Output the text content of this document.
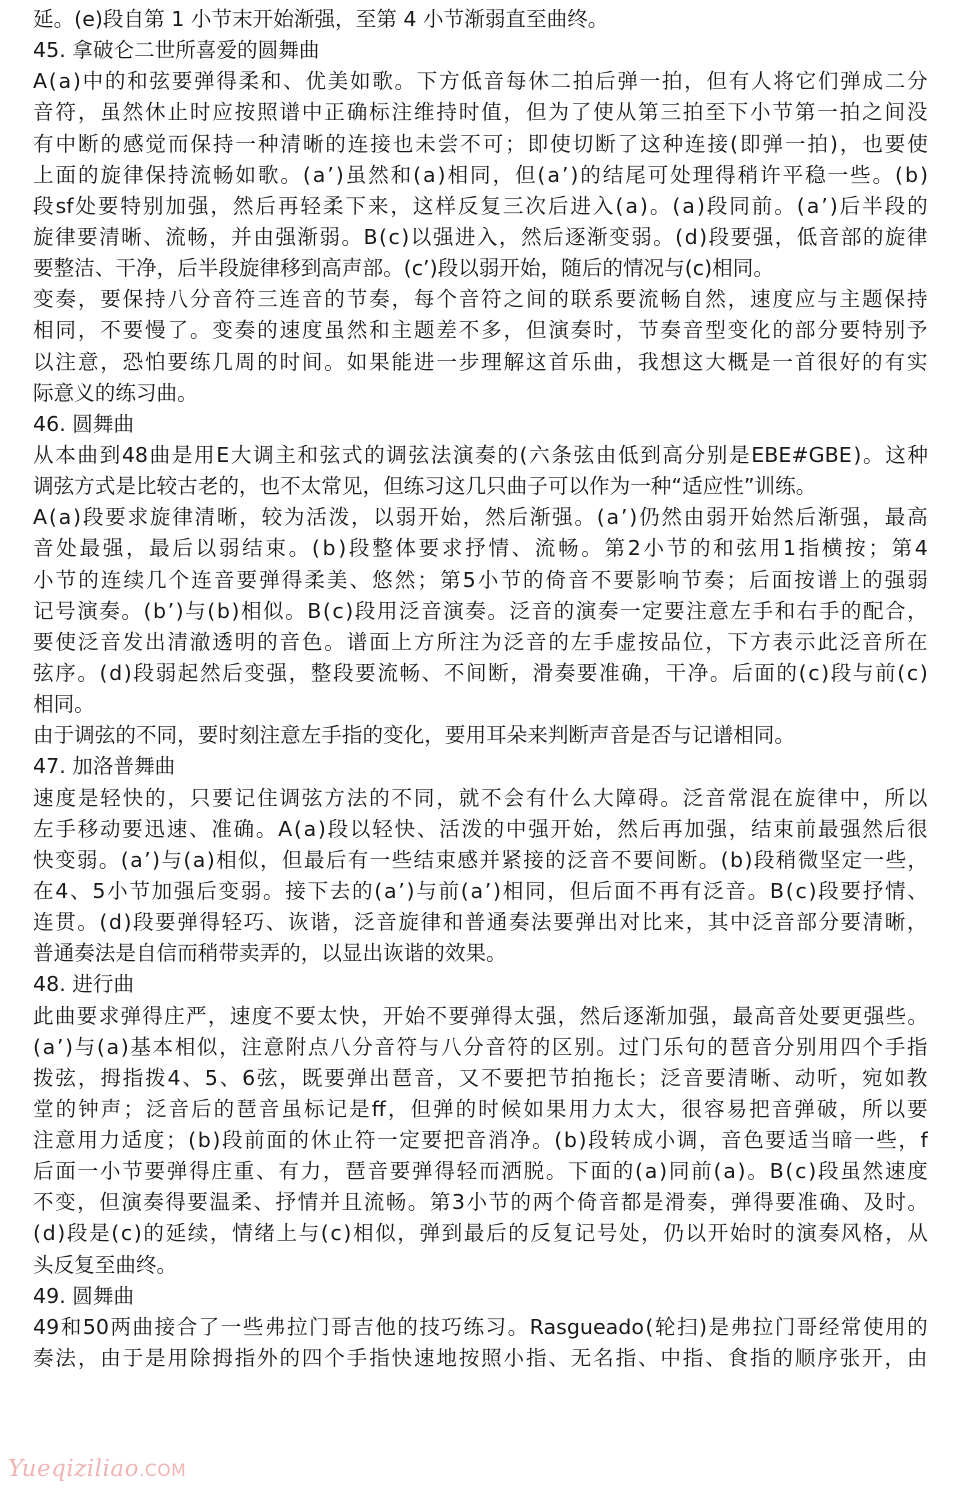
延。(e)段自第 1 小节末开始渐强，至第 4 小节渐弱直至曲终。
45. 拿破仑二世所喜爱的圆舞曲
A ( a ) 中 的 和 弦 要 弹 得 柔 和 、 优 美 如 歌 。 下 方 低 音 每 休 二 拍 后 弹 一 拍 ， 但 有 人 将 它 们 弹 成 二 分
音 符 ， 虽 然 休 止 时 应 按 照 谱 中 正 确 标 注 维 持 时 值 ， 但 为 了 使 从 第 三 拍 至 下 小 节 第 一 拍 之 间 没
有 中 断 的 感 觉 而 保 持 一 种 清 晰 的 连 接 也 未 尝 不 可 ； 即 使 切 断 了 这 种 连 接 ( 即 弹 一 拍 ) ， 也 要 使
上 面 的 旋 律 保 持 流 畅 如 歌 。 ( a ’ ) 虽 然 和 ( a ) 相 同 ， 但 ( a ’ ) 的 结 尾 可 处 理 得 稍 许 平 稳 一 些 。 ( b )
段 sf 处 要 特 别 加 强 ， 然 后 再 轻 柔 下 来 ， 这 样 反 复 三 次 后 进 入 ( a ) 。 ( a ) 段 同 前 。 ( a ’ ) 后 半 段 的
旋 律 要 清 晰 、 流 畅 ， 并 由 强 渐 弱 。 B ( c ) 以 强 进 入 ， 然 后 逐 渐 变 弱 。 ( d ) 段 要 强 ， 低 音 部 的 旋 律
要整洁、干净，后半段旋律移到高声部。(c’)段以弱开始，随后的情况与(c)相同。
变 奏 ， 要 保 持 八 分 音 符 三 连 音 的 节 奏 ， 每 个 音 符 之 间 的 联 系 要 流 畅 自 然 ， 速 度 应 与 主 题 保 持
相 同 ， 不 要 慢 了 。 变 奏 的 速 度 虽 然 和 主 题 差 不 多 ， 但 演 奏 时 ， 节 奏 音 型 变 化 的 部 分 要 特 别 予
以 注 意 ， 恐 怕 要 练 几 周 的 时 间 。 如 果 能 进 一 步 理 解 这 首 乐 曲 ， 我 想 这 大 概 是 一 首 很 好 的 有 实
际意义的练习曲。
46. 圆舞曲
从 本 曲 到 48 曲 是 用 E 大 调 主 和 弦 式 的 调 弦 法 演 奏 的 ( 六 条 弦 由 低 到 高 分 别 是 EBE#GBE ) 。 这 种
调弦方式是比较古老的，也不太常见，但练习这几只曲子可以作为一种“适应性”训练。
A ( a ) 段 要 求 旋 律 清 晰 ， 较 为 活 泼 ， 以 弱 开 始 ， 然 后 渐 强 。 ( a ’ ) 仍 然 由 弱 开 始 然 后 渐 强 ， 最 高
音 处 最 强 ， 最 后 以 弱 结 束 。 ( b ) 段 整 体 要 求 抒 情 、 流 畅 。 第 2 小 节 的 和 弦 用 1 指 横 按 ； 第 4
小 节 的 连 续 几 个 连 音 要 弹 得 柔 美 、 悠 然 ； 第 5 小 节 的 倚 音 不 要 影 响 节 奏 ； 后 面 按 谱 上 的 强 弱
记 号 演 奏 。 ( b ’ ) 与 ( b ) 相 似 。 B ( c ) 段 用 泛 音 演 奏 。 泛 音 的 演 奏 一 定 要 注 意 左 手 和 右 手 的 配 合 ，
要 使 泛 音 发 出 清 澈 透 明 的 音 色 。 谱 面 上 方 所 注 为 泛 音 的 左 手 虚 按 品 位 ， 下 方 表 示 此 泛 音 所 在
弦 序 。 ( d ) 段 弱 起 然 后 变 强 ， 整 段 要 流 畅 、 不 间 断 ， 滑 奏 要 准 确 ， 干 净 。 后 面 的 ( c ) 段 与 前 ( c )
相同。
由于调弦的不同，要时刻注意左手指的变化，要用耳朵来判断声音是否与记谱相同。
47. 加洛普舞曲
速 度 是 轻 快 的 ， 只 要 记 住 调 弦 方 法 的 不 同 ， 就 不 会 有 什 么 大 障 碍 。 泛 音 常 混 在 旋 律 中 ， 所 以
左 手 移 动 要 迅 速 、 准 确 。 A ( a ) 段 以 轻 快 、 活 泼 的 中 强 开 始 ， 然 后 再 加 强 ， 结 束 前 最 强 然 后 很
快 变 弱 。 ( a ’ ) 与 ( a ) 相 似 ， 但 最 后 有 一 些 结 束 感 并 紧 接 的 泛 音 不 要 间 断 。 ( b ) 段 稍 微 坚 定 一 些 ，
在 4 、 5 小 节 加 强 后 变 弱 。 接 下 去 的 ( a ’ ) 与 前 ( a ’ ) 相 同 ， 但 后 面 不 再 有 泛 音 。 B ( c ) 段 要 抒 情 、
连 贯 。 ( d ) 段 要 弹 得 轻 巧 、 诙 谐 ， 泛 音 旋 律 和 普 通 奏 法 要 弹 出 对 比 来 ， 其 中 泛 音 部 分 要 清 晰 ，
普通奏法是自信而稍带卖弄的，以显出诙谐的效果。
48. 进行曲
此 曲 要 求 弹 得 庄 严 ， 速 度 不 要 太 快 ， 开 始 不 要 弹 得 太 强 ， 然 后 逐 渐 加 强 ， 最 高 音 处 要 更 强 些 。
( a ’ ) 与 ( a ) 基 本 相 似 ， 注 意 附 点 八 分 音 符 与 八 分 音 符 的 区 别 。 过 门 乐 句 的 琶 音 分 别 用 四 个 手 指
拨 弦 ， 拇 指 拨 4 、 5 、 6 弦 ， 既 要 弹 出 琶 音 ， 又 不 要 把 节 拍 拖 长 ； 泛 音 要 清 晰 、 动 听 ， 宛 如 教
堂 的 钟 声 ； 泛 音 后 的 琶 音 虽 标 记 是 ff ， 但 弹 的 时 候 如 果 用 力 太 大 ， 很 容 易 把 音 弹 破 ， 所 以 要
注 意 用 力 适 度 ； ( b ) 段 前 面 的 休 止 符 一 定 要 把 音 消 净 。 ( b ) 段 转 成 小 调 ， 音 色 要 适 当 暗 一 些 ， f
后 面 一 小 节 要 弹 得 庄 重 、 有 力 ， 琶 音 要 弹 得 轻 而 洒 脱 。 下 面 的 ( a ) 同 前 ( a ) 。 B ( c ) 段 虽 然 速 度
不 变 ， 但 演 奏 得 要 温 柔 、 抒 情 并 且 流 畅 。 第 3 小 节 的 两 个 倚 音 都 是 滑 奏 ， 弹 得 要 准 确 、 及 时 。
( d ) 段 是 ( c ) 的 延 续 ， 情 绪 上 与 ( c ) 相 似 ， 弹 到 最 后 的 反 复 记 号 处 ， 仍 以 开 始 时 的 演 奏 风 格 ， 从
头反复至曲终。
49. 圆舞曲
49 和 50 两 曲 接 合 了 一 些 弗 拉 门 哥 吉 他 的 技 巧 练 习 。 Rasgueado ( 轮 扫 ) 是 弗 拉 门 哥 经 常 使 用 的
奏 法 ， 由 于 是 用 除 拇 指 外 的 四 个 手 指 快 速 地 按 照 小 指 、 无 名 指 、 中 指 、 食 指 的 顺 序 张 开 ， 由
Yueqiziliao.COM
